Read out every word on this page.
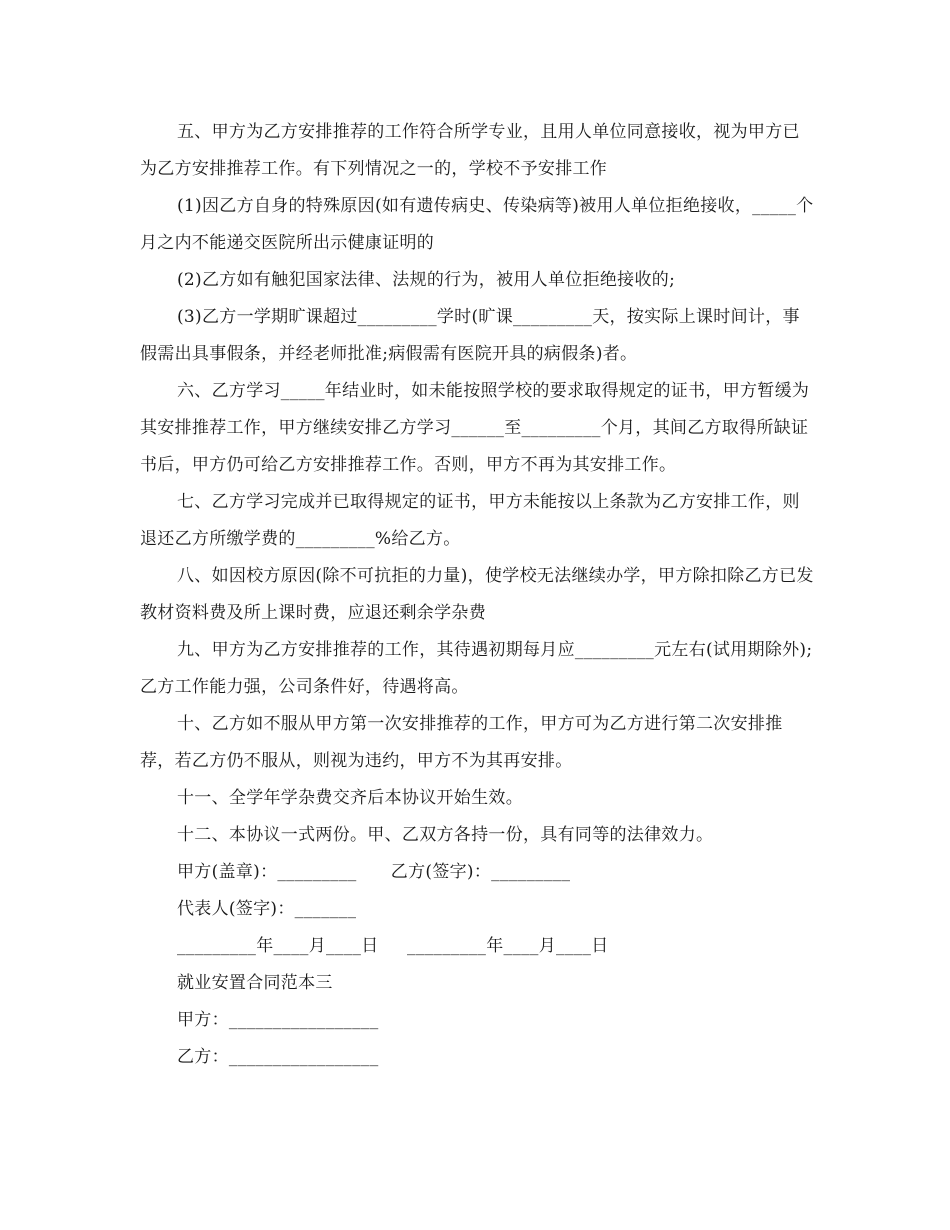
五、甲方为乙方安排推荐的工作符合所学专业，且用人单位同意接收，视为甲方已为乙方安排推荐工作。有下列情况之一的，学校不予安排工作

(1)因乙方自身的特殊原因(如有遗传病史、传染病等)被用人单位拒绝接收，_____个月之内不能递交医院所出示健康证明的

(2)乙方如有触犯国家法律、法规的行为，被用人单位拒绝接收的;

(3)乙方一学期旷课超过_________学时(旷课_________天，按实际上课时间计，事假需出具事假条，并经老师批准;病假需有医院开具的病假条)者。

六、乙方学习_____年结业时，如未能按照学校的要求取得规定的证书，甲方暂缓为其安排推荐工作，甲方继续安排乙方学习______至_________个月，其间乙方取得所缺证书后，甲方仍可给乙方安排推荐工作。否则，甲方不再为其安排工作。

七、乙方学习完成并已取得规定的证书，甲方未能按以上条款为乙方安排工作，则退还乙方所缴学费的_________%给乙方。

八、如因校方原因(除不可抗拒的力量)，使学校无法继续办学，甲方除扣除乙方已发教材资料费及所上课时费，应退还剩余学杂费

九、甲方为乙方安排推荐的工作，其待遇初期每月应_________元左右(试用期除外);乙方工作能力强，公司条件好，待遇将高。

十、乙方如不服从甲方第一次安排推荐的工作，甲方可为乙方进行第二次安排推荐，若乙方仍不服从，则视为违约，甲方不为其再安排。

十一、全学年学杂费交齐后本协议开始生效。

十二、本协议一式两份。甲、乙双方各持一份，具有同等的法律效力。

甲方(盖章)：_________      乙方(签字)：_________

代表人(签字)：_______

_________年____月____日     _________年____月____日

就业安置合同范本三

甲方：_________________

乙方：_________________
